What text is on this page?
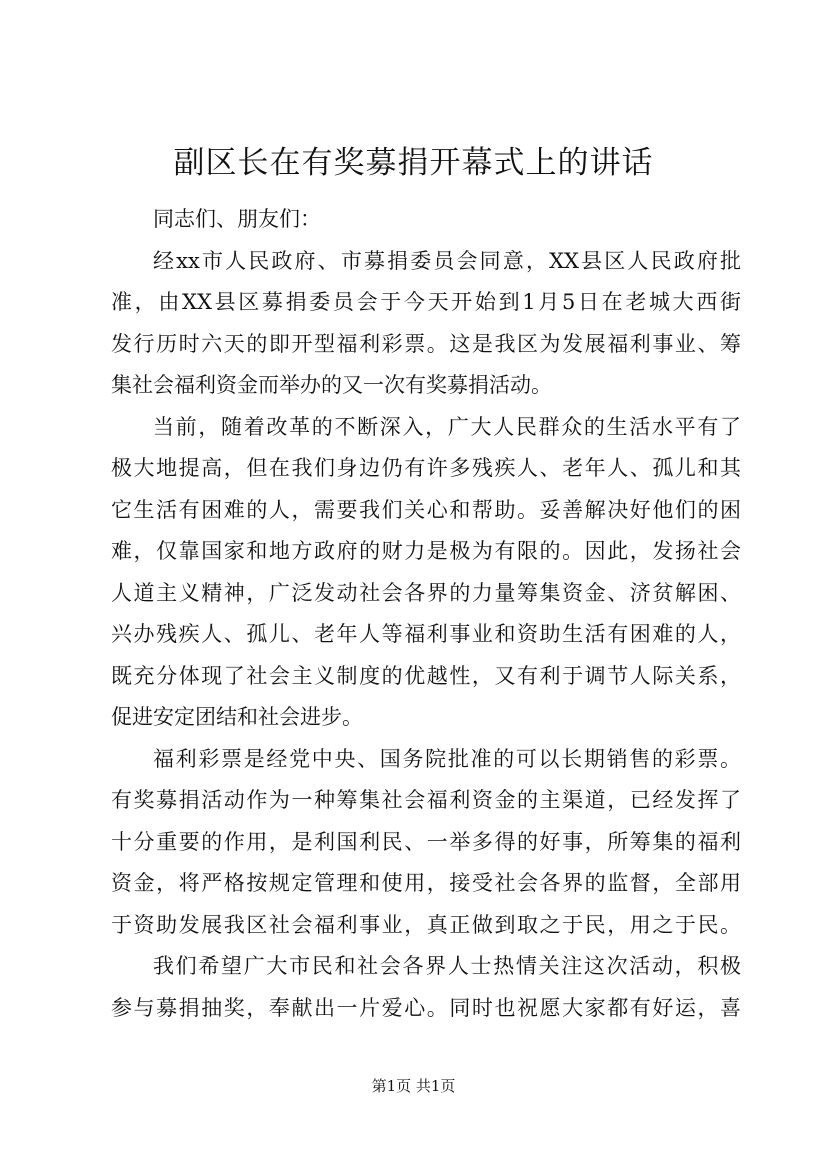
副区长在有奖募捐开幕式上的讲话
同志们、朋友们：
经xx市人民政府、市募捐委员会同意，XX县区人民政府批
准，由XX县区募捐委员会于今天开始到1月5日在老城大西街
发行历时六天的即开型福利彩票。这是我区为发展福利事业、筹
集社会福利资金而举办的又一次有奖募捐活动。
当前，随着改革的不断深入，广大人民群众的生活水平有了
极大地提高，但在我们身边仍有许多残疾人、老年人、孤儿和其
它生活有困难的人，需要我们关心和帮助。妥善解决好他们的困
难，仅靠国家和地方政府的财力是极为有限的。因此，发扬社会
人道主义精神，广泛发动社会各界的力量筹集资金、济贫解困、
兴办残疾人、孤儿、老年人等福利事业和资助生活有困难的人，
既充分体现了社会主义制度的优越性，又有利于调节人际关系，
促进安定团结和社会进步。
福利彩票是经党中央、国务院批准的可以长期销售的彩票。
有奖募捐活动作为一种筹集社会福利资金的主渠道，已经发挥了
十分重要的作用，是利国利民、一举多得的好事，所筹集的福利
资金，将严格按规定管理和使用，接受社会各界的监督，全部用
于资助发展我区社会福利事业，真正做到取之于民，用之于民。
我们希望广大市民和社会各界人士热情关注这次活动，积极
参与募捐抽奖，奉献出一片爱心。同时也祝愿大家都有好运，喜
第1页 共1页
